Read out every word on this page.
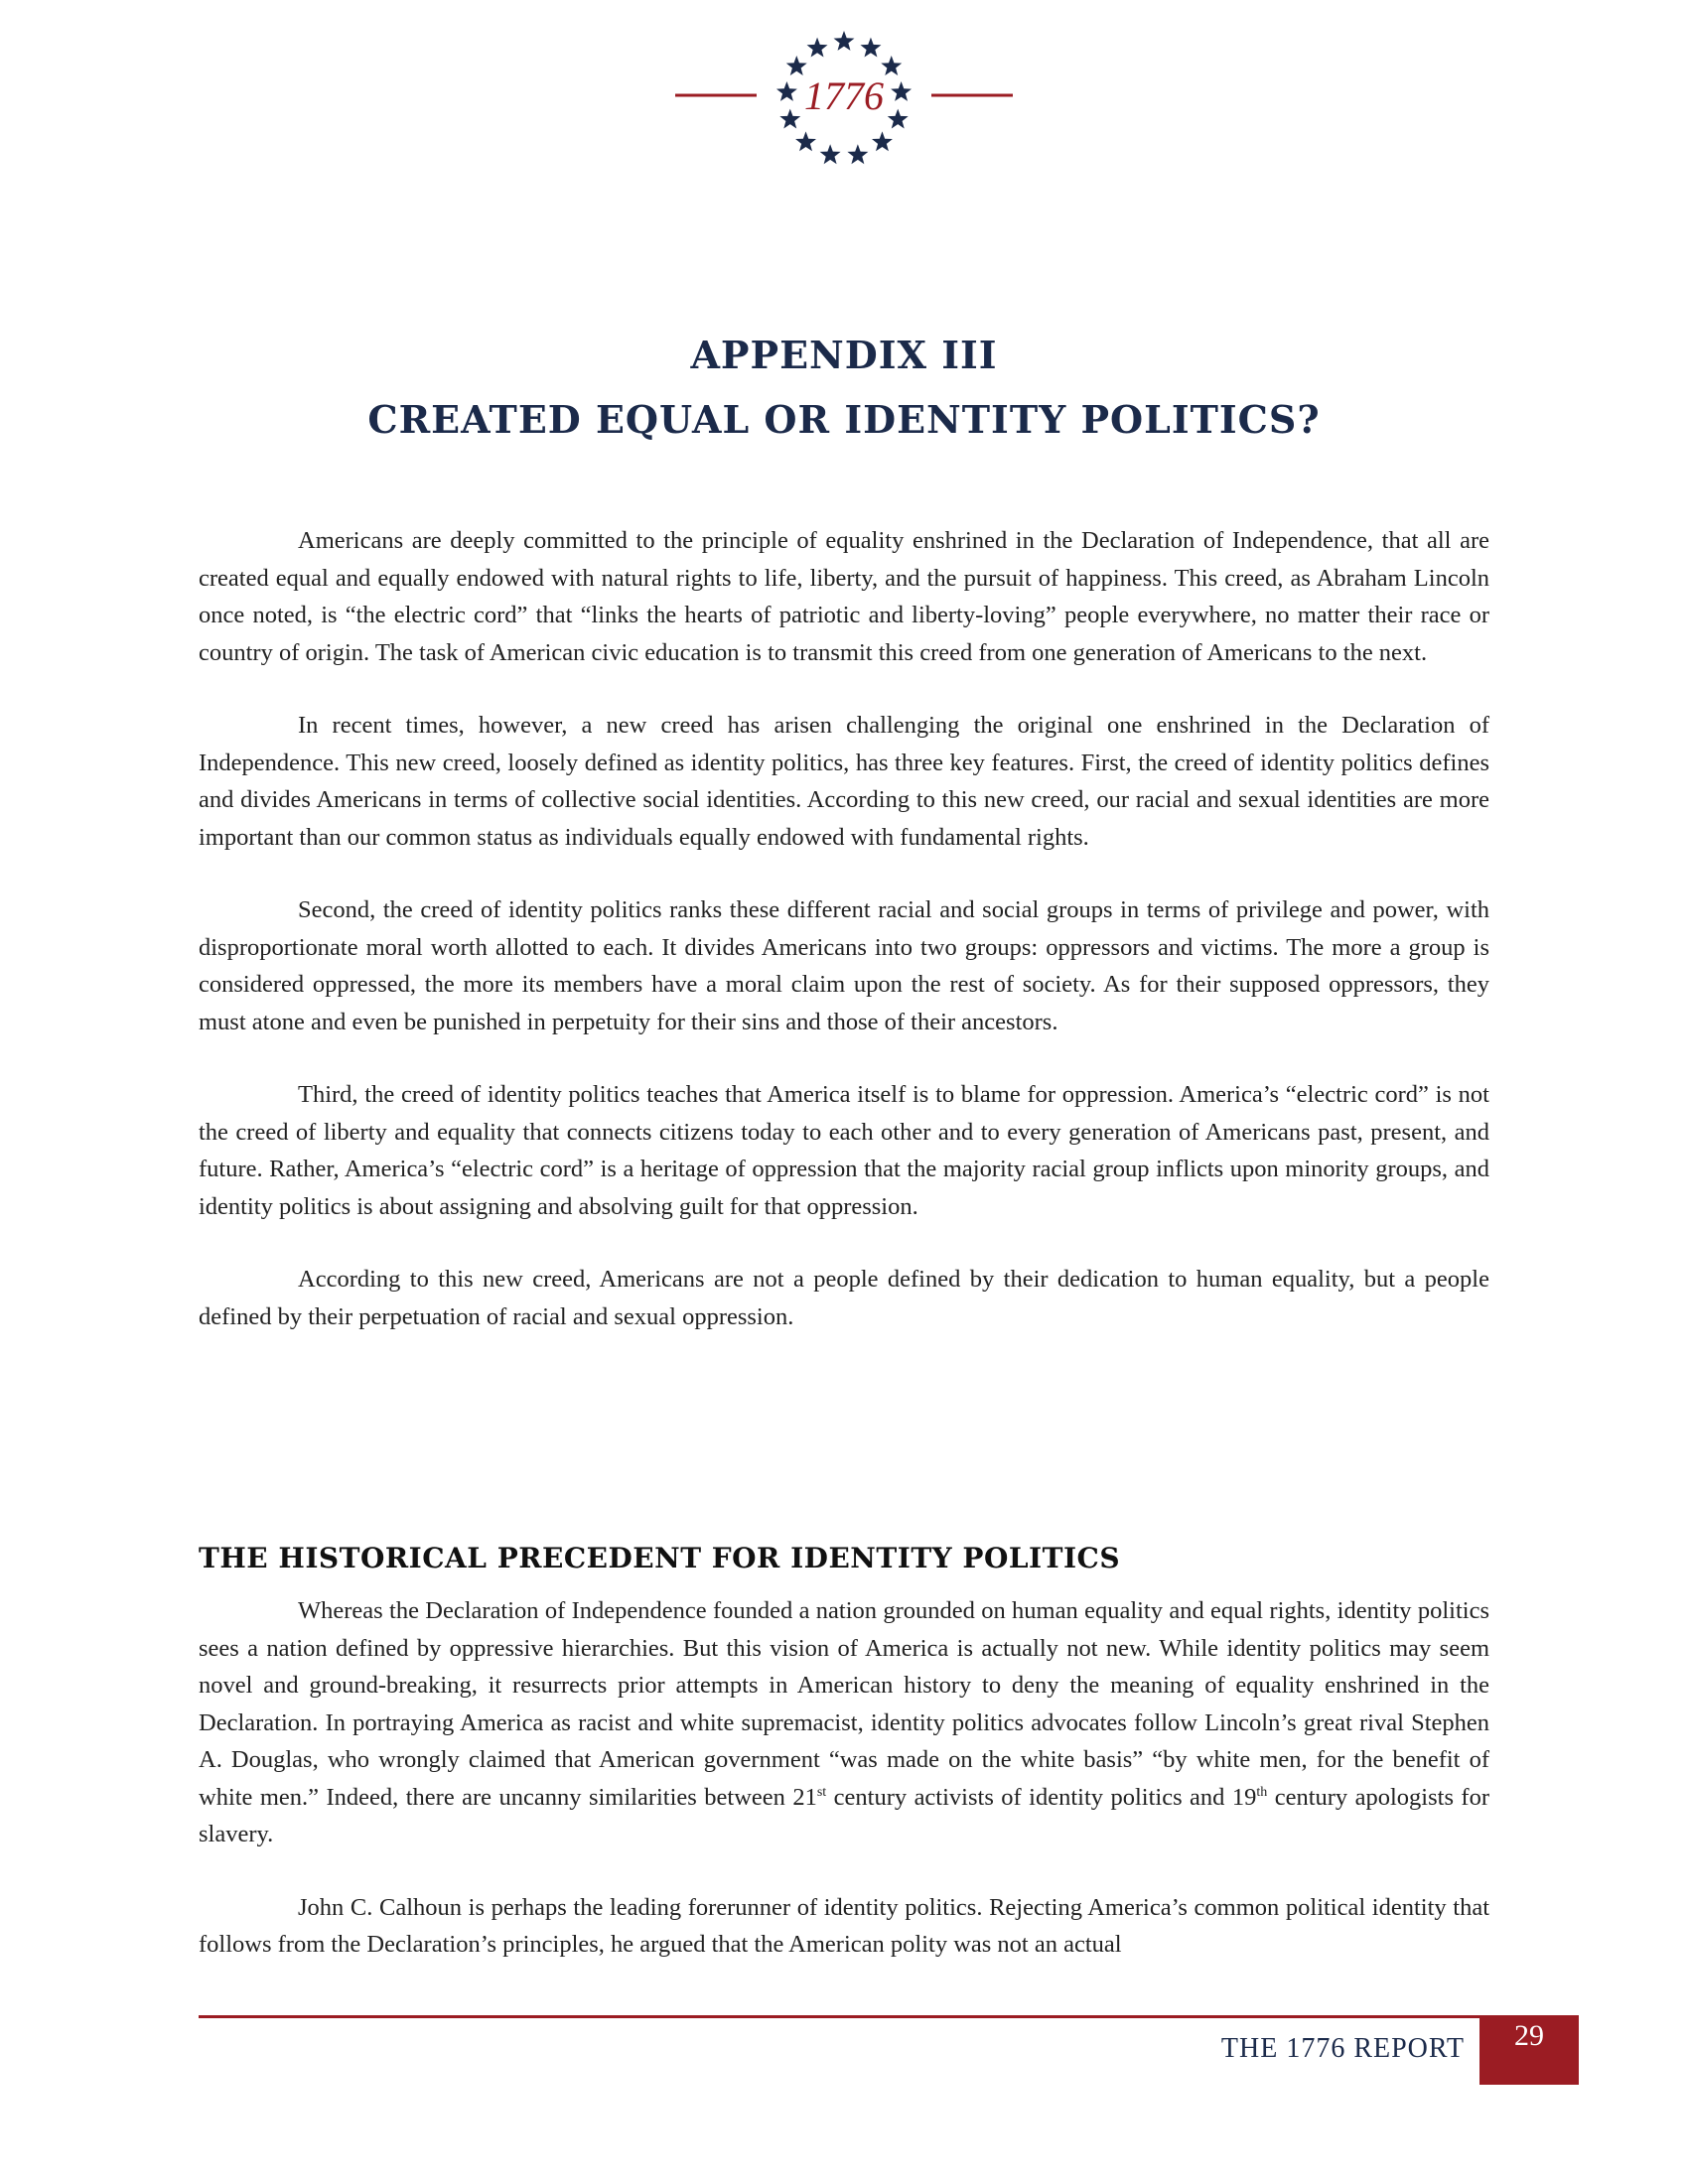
1776
APPENDIX III
CREATED EQUAL OR IDENTITY POLITICS?

Americans are deeply committed to the principle of equality enshrined in the Declaration of Independence, that all are created equal and equally endowed with natural rights to life, liberty, and the pursuit of happiness. This creed, as Abraham Lincoln once noted, is “the electric cord” that “links the hearts of patriotic and liberty-loving” people everywhere, no matter their race or country of origin. The task of American civic education is to transmit this creed from one generation of Americans to the next.

In recent times, however, a new creed has arisen challenging the original one enshrined in the Declaration of Independence. This new creed, loosely defined as identity politics, has three key features. First, the creed of identity politics defines and divides Americans in terms of collective social identities. According to this new creed, our racial and sexual identities are more important than our common status as individuals equally endowed with fundamental rights.

Second, the creed of identity politics ranks these different racial and social groups in terms of privilege and power, with disproportionate moral worth allotted to each. It divides Americans into two groups: oppressors and victims. The more a group is considered oppressed, the more its members have a moral claim upon the rest of society. As for their supposed oppressors, they must atone and even be punished in perpetuity for their sins and those of their ancestors.

Third, the creed of identity politics teaches that America itself is to blame for oppression. America’s “electric cord” is not the creed of liberty and equality that connects citizens today to each other and to every generation of Americans past, present, and future. Rather, America’s “electric cord” is a heritage of oppression that the majority racial group inflicts upon minority groups, and identity politics is about assigning and absolving guilt for that oppression.

According to this new creed, Americans are not a people defined by their dedication to human equality, but a people defined by their perpetuation of racial and sexual oppression.

THE HISTORICAL PRECEDENT FOR IDENTITY POLITICS

Whereas the Declaration of Independence founded a nation grounded on human equality and equal rights, identity politics sees a nation defined by oppressive hierarchies. But this vision of America is actually not new. While identity politics may seem novel and ground-breaking, it resurrects prior attempts in American history to deny the meaning of equality enshrined in the Declaration. In portraying America as racist and white supremacist, identity politics advocates follow Lincoln’s great rival Stephen A. Douglas, who wrongly claimed that American government “was made on the white basis” “by white men, for the benefit of white men.” Indeed, there are uncanny similarities between 21st century activists of identity politics and 19th century apologists for slavery.

John C. Calhoun is perhaps the leading forerunner of identity politics. Rejecting America’s common political identity that follows from the Declaration’s principles, he argued that the American polity was not an actual

THE 1776 REPORT	29
